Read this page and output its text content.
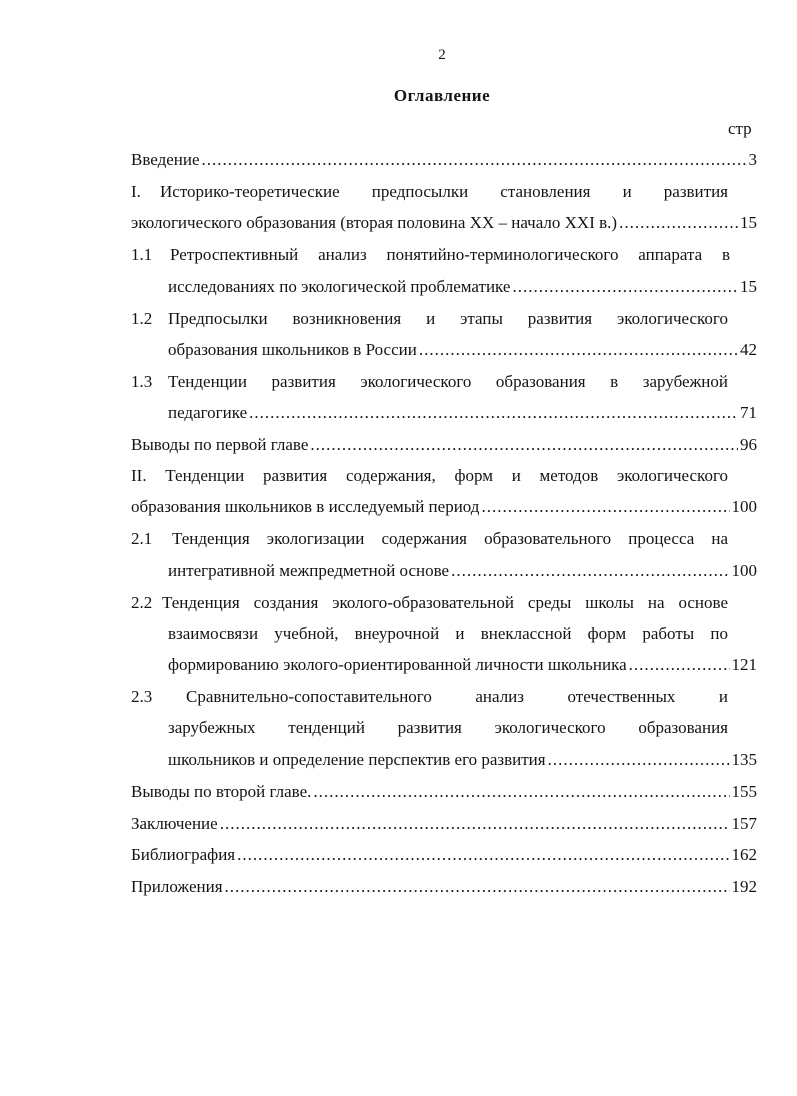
2
Оглавление
стр
Введение .....	3
I. Историко-теоретические предпосылки становления и развития
экологического образования (вторая половина XX – начало XXI в.) .....	15
1.1 Ретроспективный анализ понятийно-терминологического аппарата в
исследованиях по экологической проблематике .....	15
1.2 Предпосылки возникновения и этапы развития экологического
образования школьников в России .....	42
1.3 Тенденции развития экологического образования в зарубежной
педагогике .....	71
Выводы по первой главе .....	96
II. Тенденции развития содержания, форм и методов экологического
образования школьников в исследуемый период .....	100
2.1 Тенденция экологизации содержания образовательного процесса на
интегративной межпредметной основе .....	100
2.2 Тенденция создания эколого-образовательной среды школы на основе
взаимосвязи учебной, внеурочной и внеклассной форм работы по
формированию эколого-ориентированной личности школьника .....	121
2.3 Сравнительно-сопоставительного анализ отечественных и
зарубежных тенденций развития экологического образования
школьников и определение перспектив его развития .....	135
Выводы по второй главе. .....	155
Заключение .....	157
Библиография .....	162
Приложения .....	192
